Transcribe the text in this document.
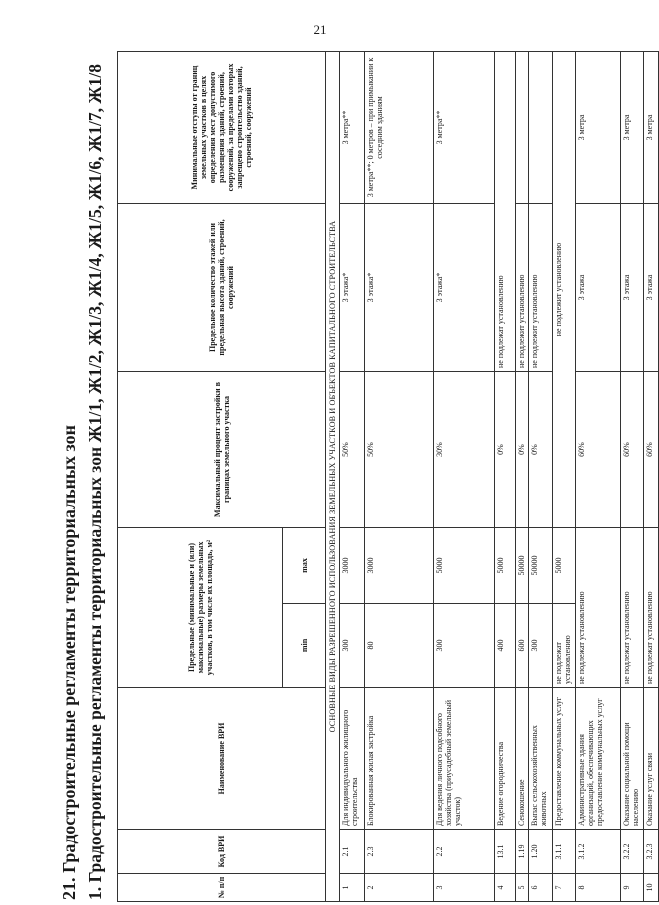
21
21. Градостроительные регламенты территориальных зон 1. Градостроительные регламенты территориальных зон Ж1/1, Ж1/2, Ж1/3, Ж1/4, Ж1/5, Ж1/6, Ж1/7, Ж1/8	№ п/п	Код ВРИ	Наименование ВРИ	Предельные (минимальные и (или) максимальные) размеры земельных участков, в том числе их площадь, м²		Максимальный процент застройки в границах земельного участка	Предельное количество этажей или предельная высота зданий, строений, сооружений	Минимальные отступы от границ земельных участков в целях определения мест допустимого размещения зданий, строений, сооружений, за пределами которых запрещено строительство зданий, строений, сооружений
			min	max			
ОСНОВНЫЕ ВИДЫ РАЗРЕШЕННОГО ИСПОЛЬЗОВАНИЯ ЗЕМЕЛЬНЫХ УЧАСТКОВ И ОБЪЕКТОВ КАПИТАЛЬНОГО СТРОИТЕЛЬСТВА							
1	2.1	Для индивидуального жилищного строительства	300	3000	50%	3 этажа*	3 метра**
2	2.3	Блокированная жилая застройка	80	3000	50%	3 этажа*	3 метра**; 0 метров – при примыкании к соседним зданиям
3	2.2	Для ведения личного подсобного хозяйства (приусадебный земельный участок)	300	5000	30%	3 этажа*	3 метра**
4	13.1	Ведение огородничества	400	5000	0%	не подлежат установлению	
5	1.19	Сенокошение	600	50000	0%	не подлежит установлению	
6	1.20	Выпас сельскохозяйственных животных	300	50000	0%	не подлежит установлению	
7	3.1.1	Предоставление коммунальных услуг	не подлежат установлению	5000	не подлежит установлению		
8	3.1.2	Административные здания организаций, обеспечивающих предоставление коммунальных услуг	не подлежат установлению		60%	3 этажа	3 метра
9	3.2.2	Оказание социальной помощи населению	не подлежат установлению		60%	3 этажа	3 метра
10	3.2.3	Оказание услуг связи	не подлежат установлению		60%	3 этажа	3 метра
